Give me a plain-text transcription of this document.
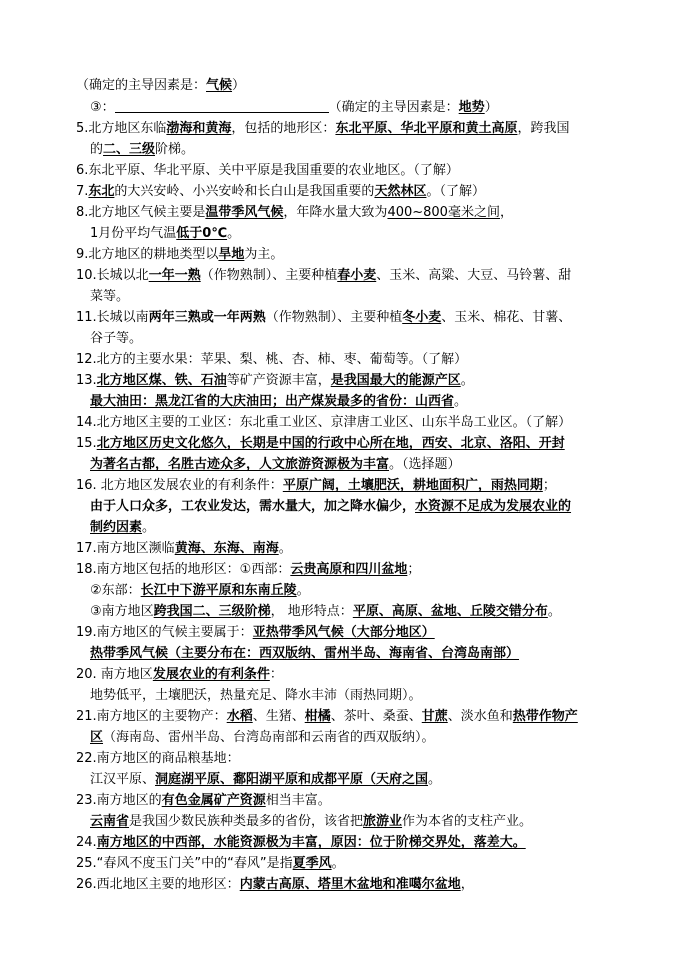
（确定的主导因素是：气候）
③：	（确定的主导因素是：地势）
5.北方地区东临渤海和黄海，包括的地形区：东北平原、华北平原和黄土高原，跨我国
的二、三级阶梯。
6.东北平原、华北平原、关中平原是我国重要的农业地区。（了解）
7.东北的大兴安岭、小兴安岭和长白山是我国重要的天然林区。（了解）
8.北方地区气候主要是温带季风气候，年降水量大致为400~800毫米之间，
1月份平均气温低于0℃。
9.北方地区的耕地类型以旱地为主。
10.长城以北一年一熟（作物熟制）、主要种植春小麦、玉米、高粱、大豆、马铃薯、甜
菜等。
11.长城以南两年三熟或一年两熟（作物熟制）、主要种植冬小麦、玉米、棉花、甘薯、
谷子等。
12.北方的主要水果：苹果、梨、桃、杏、柿、枣、葡萄等。（了解）
13.北方地区煤、铁、石油等矿产资源丰富，是我国最大的能源产区。
最大油田：黑龙江省的大庆油田；出产煤炭最多的省份：山西省。
14.北方地区主要的工业区：东北重工业区、京津唐工业区、山东半岛工业区。（了解）
15.北方地区历史文化悠久，长期是中国的行政中心所在地，西安、北京、洛阳、开封
为著名古都，名胜古迹众多，人文旅游资源极为丰富。（选择题）
16. 北方地区发展农业的有利条件：平原广阔，土壤肥沃，耕地面积广，雨热同期；
由于人口众多，工农业发达，需水量大，加之降水偏少，水资源不足成为发展农业的
制约因素。
17.南方地区濒临黄海、东海、南海。
18.南方地区包括的地形区：①西部：云贵高原和四川盆地；
②东部：长江中下游平原和东南丘陵。
③南方地区跨我国二、三级阶梯， 地形特点：平原、高原、盆地、丘陵交错分布。
19.南方地区的气候主要属于：亚热带季风气候（大部分地区）
热带季风气候（主要分布在：西双版纳、雷州半岛、海南省、台湾岛南部）
20. 南方地区发展农业的有利条件：
地势低平，土壤肥沃，热量充足、降水丰沛（雨热同期）。
21.南方地区的主要物产：水稻、生猪、柑橘、茶叶、桑蚕、甘蔗、淡水鱼和热带作物产
区（海南岛、雷州半岛、台湾岛南部和云南省的西双版纳）。
22.南方地区的商品粮基地：
江汉平原、洞庭湖平原、鄱阳湖平原和成都平原（天府之国。
23.南方地区的有色金属矿产资源相当丰富。
云南省是我国少数民族种类最多的省份，该省把旅游业作为本省的支柱产业。
24.南方地区的中西部，水能资源极为丰富，原因：位于阶梯交界处，落差大。
25.“春风不度玉门关”中的“春风”是指夏季风。
26.西北地区主要的地形区：内蒙古高原、塔里木盆地和准噶尔盆地，
